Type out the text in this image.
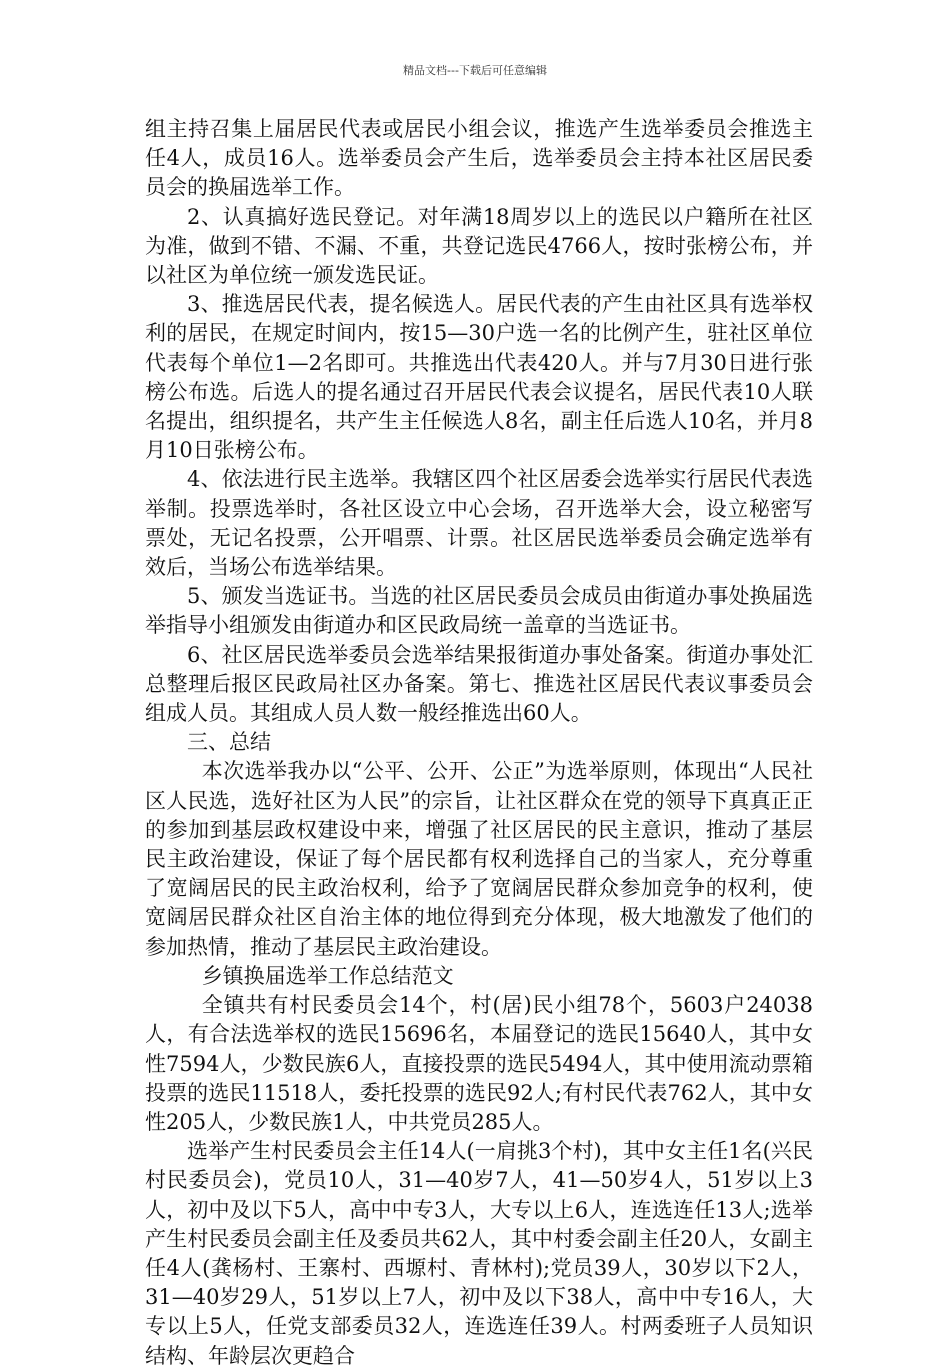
精品文档---下载后可任意编辑

组主持召集上届居民代表或居民小组会议，推选产生选举委员会推选主任4人，成员16人。选举委员会产生后，选举委员会主持本社区居民委员会的换届选举工作。

2、认真搞好选民登记。对年满18周岁以上的选民以户籍所在社区为准，做到不错、不漏、不重，共登记选民4766人，按时张榜公布，并以社区为单位统一颁发选民证。

3、推选居民代表，提名候选人。居民代表的产生由社区具有选举权利的居民，在规定时间内，按15—30户选一名的比例产生，驻社区单位代表每个单位1—2名即可。共推选出代表420人。并与7月30日进行张榜公布选。后选人的提名通过召开居民代表会议提名，居民代表10人联名提出，组织提名，共产生主任候选人8名，副主任后选人10名，并月8月10日张榜公布。

4、依法进行民主选举。我辖区四个社区居委会选举实行居民代表选举制。投票选举时，各社区设立中心会场，召开选举大会，设立秘密写票处，无记名投票，公开唱票、计票。社区居民选举委员会确定选举有效后，当场公布选举结果。

5、颁发当选证书。当选的社区居民委员会成员由街道办事处换届选举指导小组颁发由街道办和区民政局统一盖章的当选证书。

6、社区居民选举委员会选举结果报街道办事处备案。街道办事处汇总整理后报区民政局社区办备案。第七、推选社区居民代表议事委员会组成人员。其组成人员人数一般经推选出60人。

三、总结

本次选举我办以“公平、公开、公正”为选举原则，体现出“人民社区人民选，选好社区为人民”的宗旨，让社区群众在党的领导下真真正正的参加到基层政权建设中来，增强了社区居民的民主意识，推动了基层民主政治建设，保证了每个居民都有权利选择自己的当家人，充分尊重了宽阔居民的民主政治权利，给予了宽阔居民群众参加竞争的权利，使宽阔居民群众社区自治主体的地位得到充分体现，极大地激发了他们的参加热情，推动了基层民主政治建设。

乡镇换届选举工作总结范文

全镇共有村民委员会14个，村(居)民小组78个，5603户24038人，有合法选举权的选民15696名，本届登记的选民15640人，其中女性7594人，少数民族6人，直接投票的选民5494人，其中使用流动票箱投票的选民11518人，委托投票的选民92人;有村民代表762人，其中女性205人，少数民族1人，中共党员285人。

选举产生村民委员会主任14人(一肩挑3个村)，其中女主任1名(兴民村民委员会)，党员10人，31—40岁7人，41—50岁4人，51岁以上3人，初中及以下5人，高中中专3人，大专以上6人，连选连任13人;选举产生村民委员会副主任及委员共62人，其中村委会副主任20人，女副主任4人(龚杨村、王寨村、西塬村、青林村);党员39人，30岁以下2人，31—40岁29人，51岁以上7人，初中及以下38人，高中中专16人，大专以上5人，任党支部委员32人，连选连任39人。村两委班子人员知识结构、年龄层次更趋合
